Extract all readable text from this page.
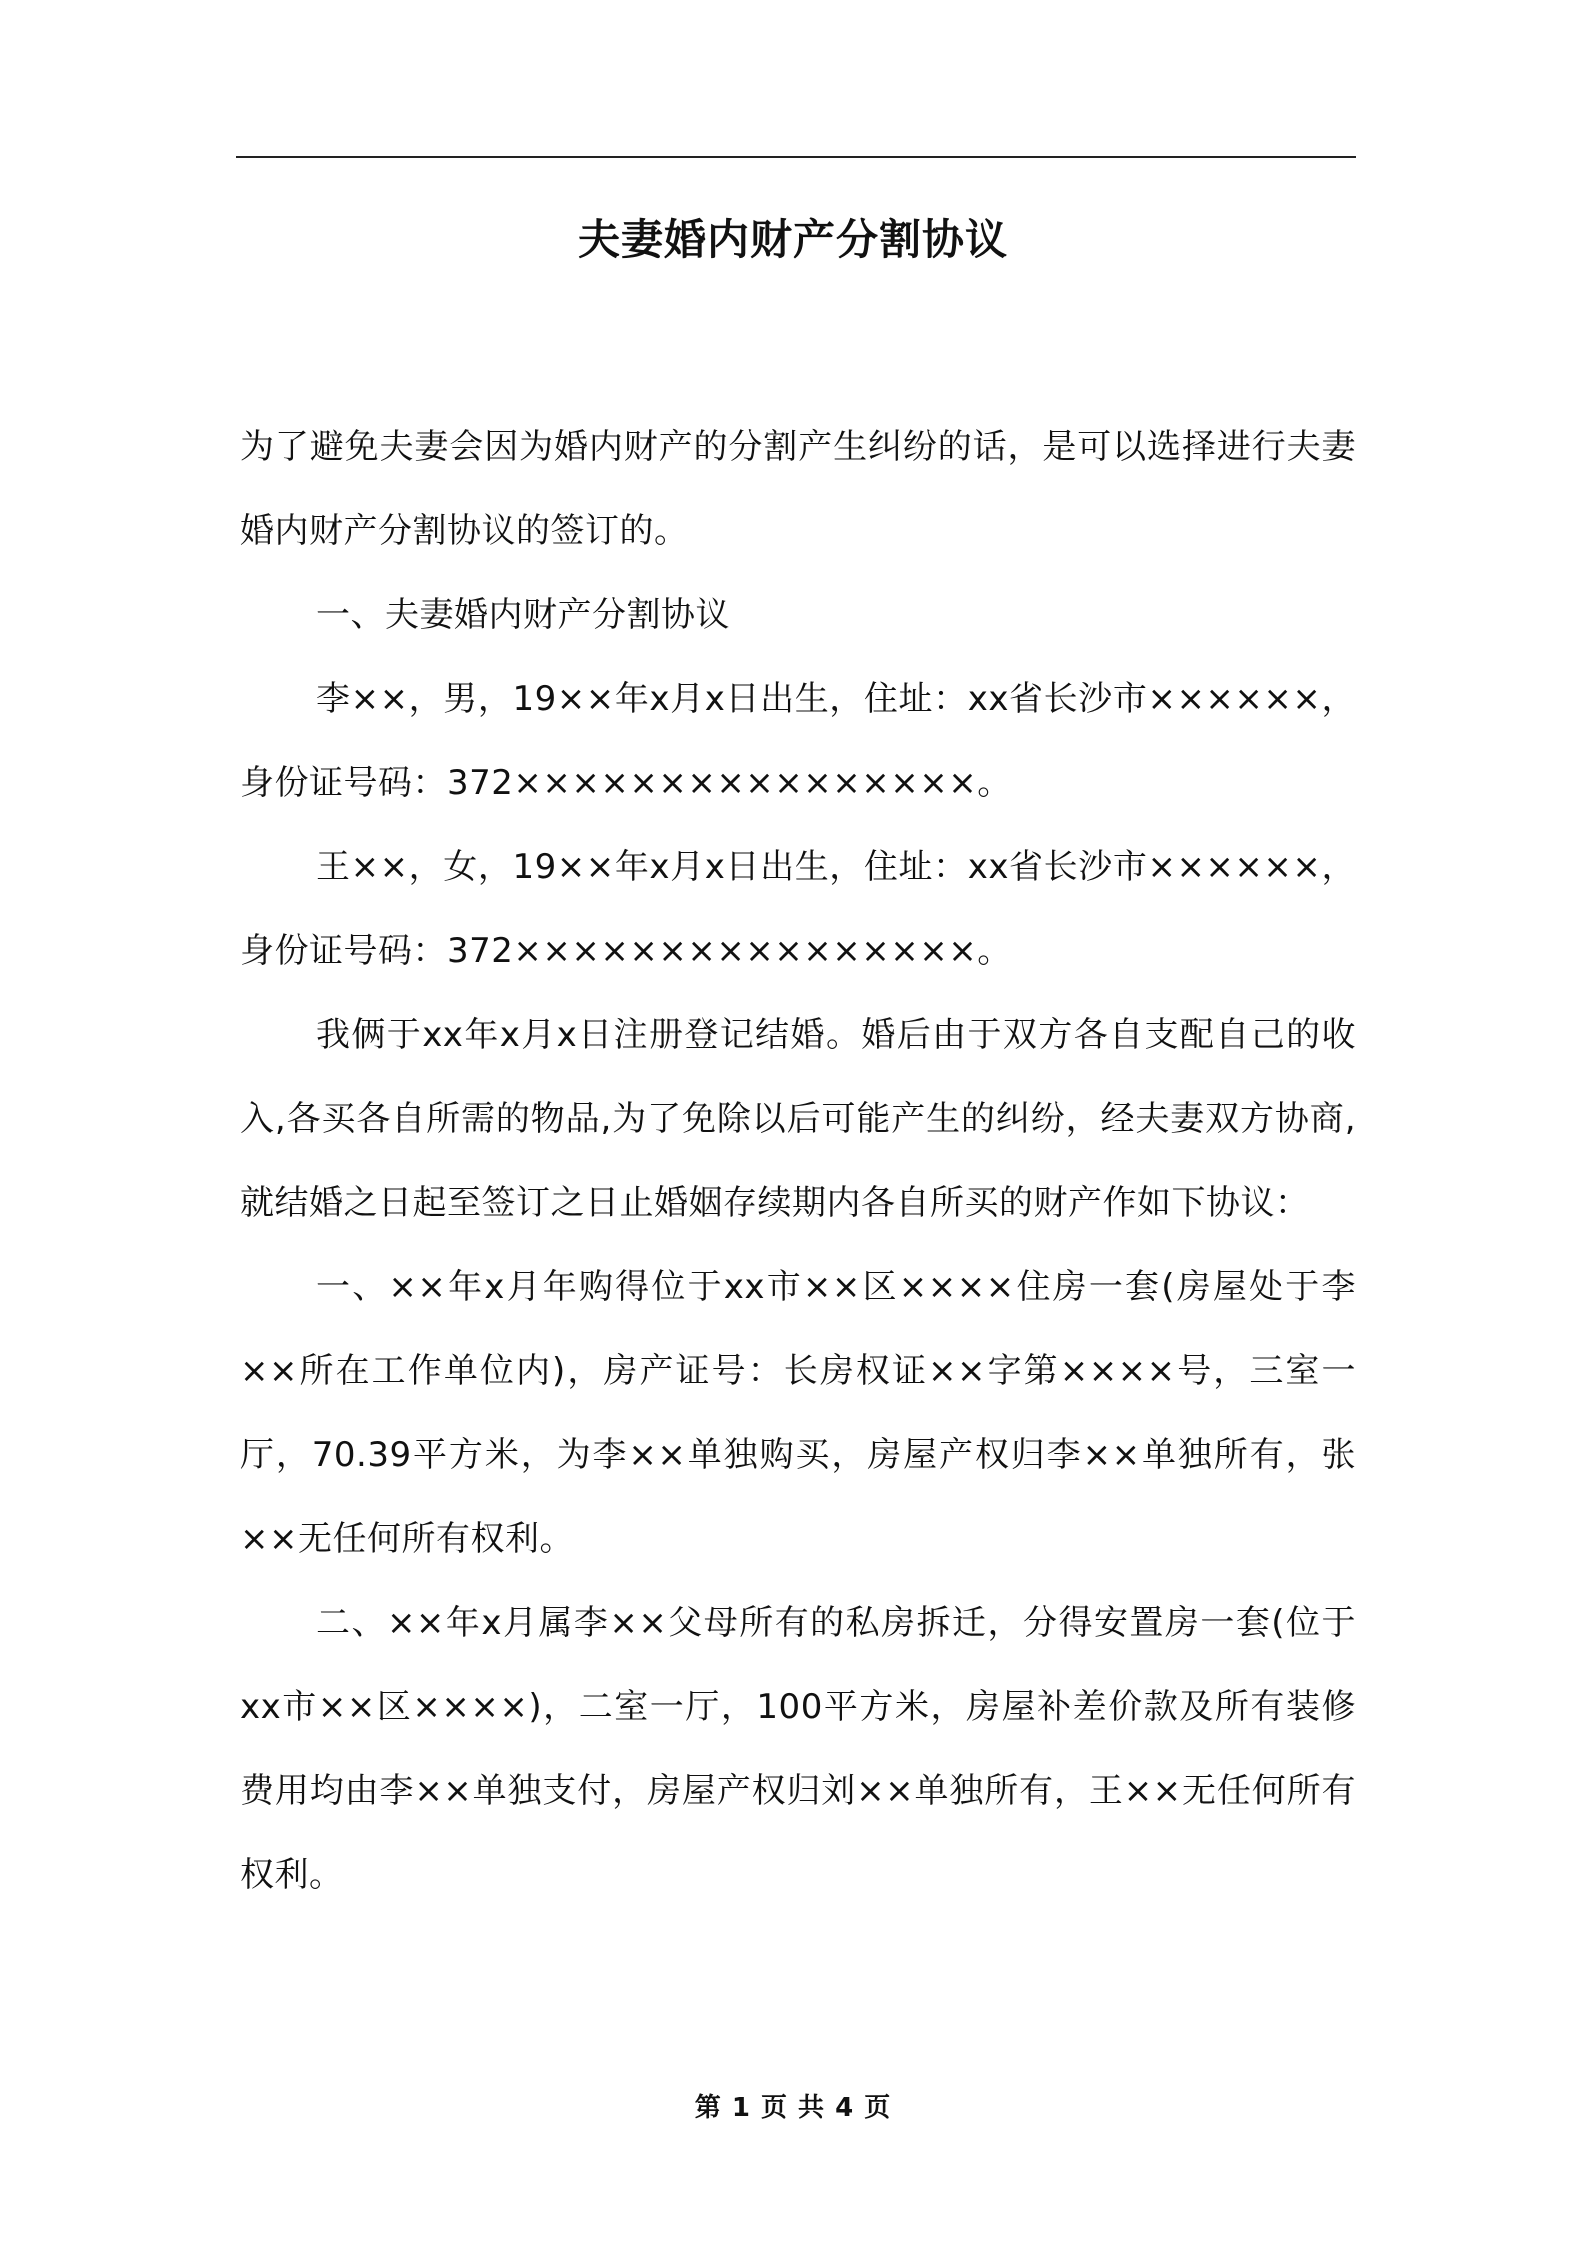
夫妻婚内财产分割协议

为了避免夫妻会因为婚内财产的分割产生纠纷的话，是可以选择进行夫妻婚内财产分割协议的签订的。

一、夫妻婚内财产分割协议

李××，男，19××年x月x日出生，住址：xx省长沙市××××××，身份证号码：372××××××××××××××××。

王××，女，19××年x月x日出生，住址：xx省长沙市××××××，身份证号码：372××××××××××××××××。

我俩于xx年x月x日注册登记结婚。婚后由于双方各自支配自己的收入,各买各自所需的物品,为了免除以后可能产生的纠纷，经夫妻双方协商,就结婚之日起至签订之日止婚姻存续期内各自所买的财产作如下协议：

一、××年x月年购得位于xx市××区××××住房一套(房屋处于李××所在工作单位内)，房产证号：长房权证××字第××××号，三室一厅，70.39平方米，为李××单独购买，房屋产权归李××单独所有，张××无任何所有权利。

二、××年x月属李××父母所有的私房拆迁，分得安置房一套(位于xx市××区××××)，二室一厅，100平方米，房屋补差价款及所有装修费用均由李××单独支付，房屋产权归刘××单独所有，王××无任何所有权利。

第 1 页 共 4 页
